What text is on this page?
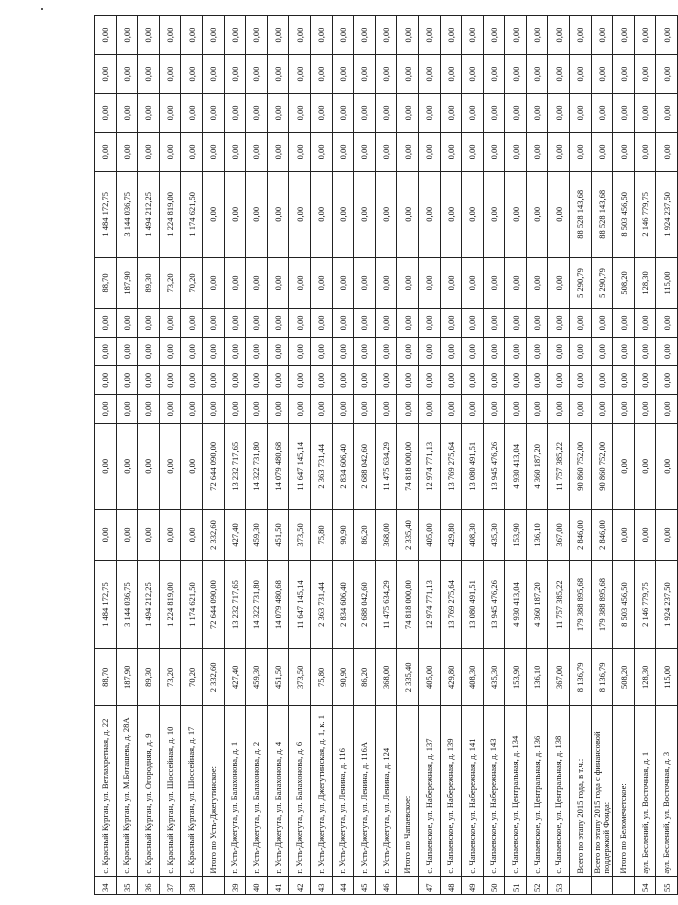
34	с. Красный Курган, ул. Ветлахретная, д. 22	88,70	1 484 172,75	0,00	0,00	0,00	0,00	0,00	0,00	88,70	1 484 172,75	0,00	0,00	0,00	0,00
35	с. Красный Курган, ул. М.Боташева, д. 28А	187,90	3 144 036,75	0,00	0,00	0,00	0,00	0,00	0,00	187,90	3 144 036,75	0,00	0,00	0,00	0,00
36	с. Красный Курган, ул. Огородняя, д. 9	89,30	1 494 212,25	0,00	0,00	0,00	0,00	0,00	0,00	89,30	1 494 212,25	0,00	0,00	0,00	0,00
37	с. Красный Курган, ул. Шоссейная, д. 10	73,20	1 224 819,00	0,00	0,00	0,00	0,00	0,00	0,00	73,20	1 224 819,00	0,00	0,00	0,00	0,00
38	с. Красный Курган, ул. Шоссейная, д. 17	70,20	1 174 621,50	0,00	0,00	0,00	0,00	0,00	0,00	70,20	1 174 621,50	0,00	0,00	0,00	0,00
	Итого по Усть-Джегутинское:	2 332,60	72 644 090,00	2 332,60	72 644 090,00	0,00	0,00	0,00	0,00	0,00	0,00	0,00	0,00	0,00	0,00
39	г. Усть-Джегута, ул. Балахонова, д. 1	427,40	13 232 717,65	427,40	13 232 717,65	0,00	0,00	0,00	0,00	0,00	0,00	0,00	0,00	0,00	0,00
40	г. Усть-Джегута, ул. Балахонова, д. 2	459,30	14 322 731,80	459,30	14 322 731,80	0,00	0,00	0,00	0,00	0,00	0,00	0,00	0,00	0,00	0,00
41	г. Усть-Джегута, ул. Балахонова, д. 4	451,50	14 079 480,68	451,50	14 079 480,68	0,00	0,00	0,00	0,00	0,00	0,00	0,00	0,00	0,00	0,00
42	г. Усть-Джегута, ул. Балахонова, д. 6	373,50	11 647 145,14	373,50	11 647 145,14	0,00	0,00	0,00	0,00	0,00	0,00	0,00	0,00	0,00	0,00
43	г. Усть-Джегута, ул. Джегутинская, д. 1, к. 1	75,80	2 363 731,44	75,80	2 363 731,44	0,00	0,00	0,00	0,00	0,00	0,00	0,00	0,00	0,00	0,00
44	г. Усть-Джегута, ул. Ленина, д. 116	90,90	2 834 606,40	90,90	2 834 606,40	0,00	0,00	0,00	0,00	0,00	0,00	0,00	0,00	0,00	0,00
45	г. Усть-Джегута, ул. Ленина, д. 116А	86,20	2 688 042,60	86,20	2 688 042,60	0,00	0,00	0,00	0,00	0,00	0,00	0,00	0,00	0,00	0,00
46	г. Усть-Джегута, ул. Ленина, д. 124	368,00	11 475 634,29	368,00	11 475 634,29	0,00	0,00	0,00	0,00	0,00	0,00	0,00	0,00	0,00	0,00
	Итого по Чапаевское:	2 335,40	74 818 000,00	2 335,40	74 818 000,00	0,00	0,00	0,00	0,00	0,00	0,00	0,00	0,00	0,00	0,00
47	с. Чапаевское, ул. Набережная, д. 137	405,00	12 974 771,13	405,00	12 974 771,13	0,00	0,00	0,00	0,00	0,00	0,00	0,00	0,00	0,00	0,00
48	с. Чапаевское, ул. Набережная, д. 139	429,80	13 769 275,64	429,80	13 769 275,64	0,00	0,00	0,00	0,00	0,00	0,00	0,00	0,00	0,00	0,00
49	с. Чапаевское, ул. Набережная, д. 141	408,30	13 080 491,51	408,30	13 080 491,51	0,00	0,00	0,00	0,00	0,00	0,00	0,00	0,00	0,00	0,00
50	с. Чапаевское, ул. Набережная, д. 143	435,30	13 945 476,26	435,30	13 945 476,26	0,00	0,00	0,00	0,00	0,00	0,00	0,00	0,00	0,00	0,00
51	с. Чапаевское, ул. Центральная, д. 134	153,90	4 930 413,04	153,90	4 930 413,04	0,00	0,00	0,00	0,00	0,00	0,00	0,00	0,00	0,00	0,00
52	с. Чапаевское, ул. Центральная, д. 136	136,10	4 360 187,20	136,10	4 360 187,20	0,00	0,00	0,00	0,00	0,00	0,00	0,00	0,00	0,00	0,00
53	с. Чапаевское, ул. Центральная, д. 138	367,00	11 757 385,22	367,00	11 757 385,22	0,00	0,00	0,00	0,00	0,00	0,00	0,00	0,00	0,00	0,00
	Всего по этапу 2015 года, в т.ч.:	8 136,79	179 388 895,68	2 846,00	90 860 752,00	0,00	0,00	0,00	0,00	5 290,79	88 528 143,68	0,00	0,00	0,00	0,00
	Всего по этапу 2015 года с финансовой поддержкой Фонда:	8 136,79	179 388 895,68	2 846,00	90 860 752,00	0,00	0,00	0,00	0,00	5 290,79	88 528 143,68	0,00	0,00	0,00	0,00
	Итого по Беломечетское:	508,20	8 503 456,50	0,00	0,00	0,00	0,00	0,00	0,00	508,20	8 503 456,50	0,00	0,00	0,00	0,00
54	аул. Беслений, ул. Восточная, д. 1	128,30	2 146 779,75	0,00	0,00	0,00	0,00	0,00	0,00	128,30	2 146 779,75	0,00	0,00	0,00	0,00
55	аул. Беслений, ул. Восточная, д. 3	115,00	1 924 237,50	0,00	0,00	0,00	0,00	0,00	0,00	115,00	1 924 237,50	0,00	0,00	0,00	0,00
